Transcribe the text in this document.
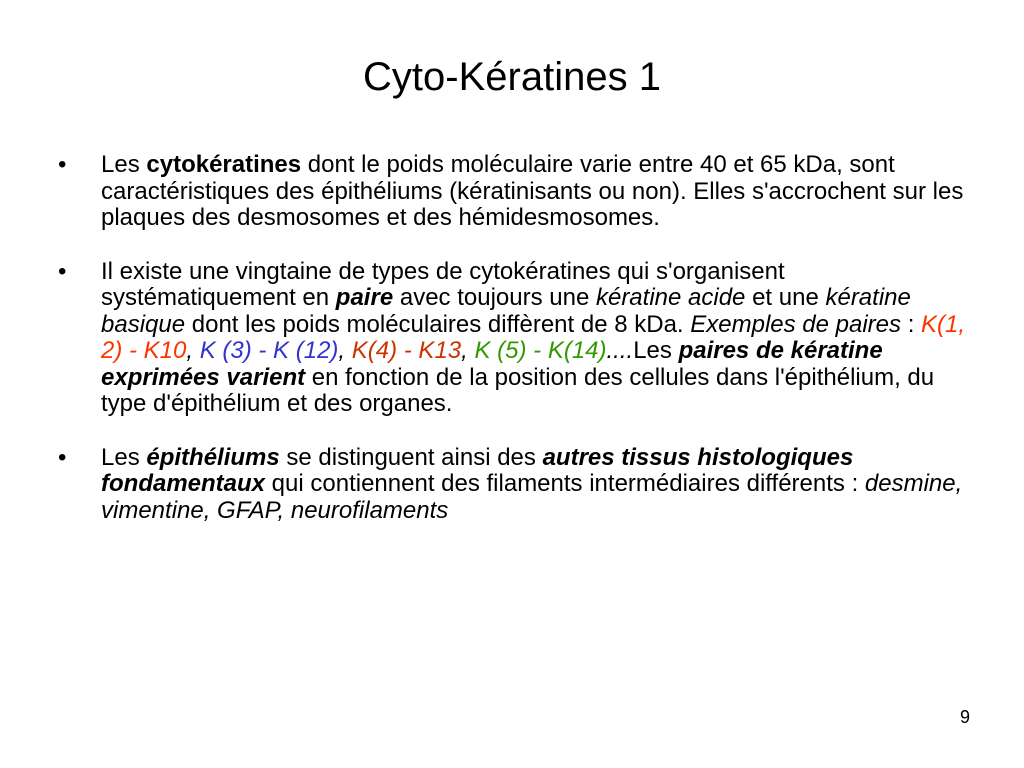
Cyto-Kératines 1
• Les cytokératines dont le poids moléculaire varie entre 40 et 65 kDa, sont caractéristiques des épithéliums (kératinisants ou non). Elles s'accrochent sur les plaques des desmosomes et des hémidesmosomes.
• Il existe une vingtaine de types de cytokératines qui s'organisent systématiquement en paire avec toujours une kératine acide et une kératine basique dont les poids moléculaires diffèrent de 8 kDa. Exemples de paires : K(1, 2) - K10, K (3) - K (12), K(4) - K13, K (5) - K(14)....Les paires de kératine exprimées varient en fonction de la position des cellules dans l'épithélium, du type d'épithélium et des organes.
• Les épithéliums se distinguent ainsi des autres tissus histologiques fondamentaux qui contiennent des filaments intermédiaires différents : desmine, vimentine, GFAP, neurofilaments
9
